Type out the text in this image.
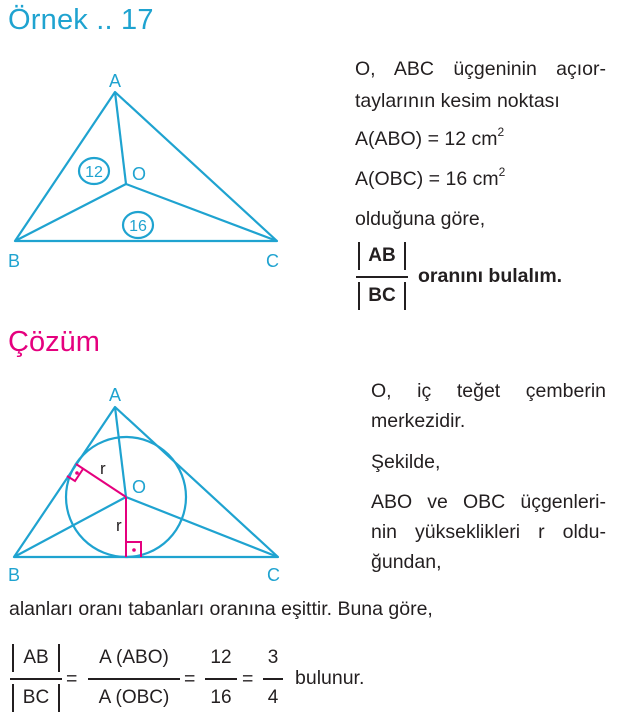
Örnek .. 17
A
B	C
O
12
16
O, ABC üçgeninin açıor-
taylarının kesim noktası
A(ABO) = 12 $cm^2$
A(OBC) = 16 $cm^2$
olduğuna göre,
AB
BC
oranını bulalım.
Çözüm
r
r
A
B	C
O
O, iç teğet çemberin
merkezidir.
Şekilde,
ABO ve OBC üçgenleri-
nin yükseklikleri r oldu-
ğundan,
alanları oranı tabanları oranına eşittir. Buna göre,
AB
BC
=
A (ABO)
A (OBC)
=
12
16
=
3
4
bulunur.
